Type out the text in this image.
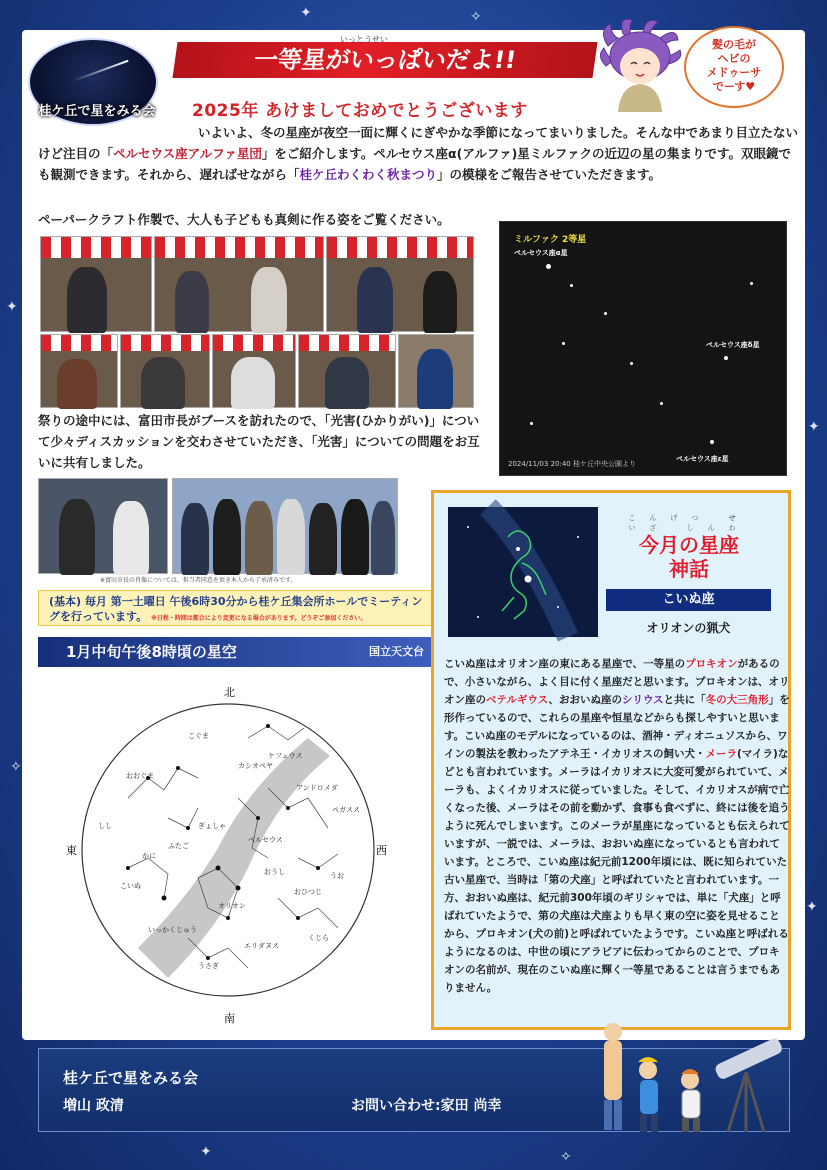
✦	✧
✦
✦
✧
✦
✦	✧
桂ケ丘で星をみる会
一等星がいっぱいだよ!!
いっとうせい	髪の毛が
ヘビの
メドゥーサ
でーす♥
2025年 あけましておめでとうございます
いよいよ、冬の星座が夜空一面に輝くにぎやかな季節になってまいりました。そんな中であまり目立たないけど注目の「ペルセウス座アルファ星団」をご紹介します。ペルセウス座α(アルファ)星ミルファクの近辺の星の集まりです。双眼鏡でも観測できます。それから、遅ればせながら「桂ケ丘わくわく秋まつり」の模様をご報告させていただきます。
ペーパークラフト作製で、大人も子どもも真剣に作る姿をご覧ください。
ミルファク 2等星
ペルセウス座α星
ペルセウス座δ星
ペルセウス座ε星
2024/11/03 20:40 桂ケ丘中央公園より
祭りの途中には、富田市長がブースを訪れたので、「光害(ひかりがい)」について少々ディスカッションを交わさせていただき、「光害」についての問題をお互いに共有しました。
※富田市長の肖像については、担当者同意を頂き本人から了承済みです。
(基本) 毎月 第一土曜日 午後6時30分から桂ケ丘集会所ホールでミーティングを行っています。 ※日程・時間は都合により変更になる場合があります。どうぞご参加ください。
1月中旬午後8時頃の星空	国立天文台
北
南
東	西
こいぬ
オリオン
ペルセウス
おうし
ぎょしゃ
カシオペヤ
ケフェウス
アンドロメダ
ペガスス
おおぐま
しし
かに
ふたご
うさぎ
くじら
おひつじ
エリダヌス
いっかくじゅう
うお
こぐま
こんげつ せいざ しんわ
今月の星座
神話
こいぬ座
オリオンの猟犬
こいぬ座はオリオン座の東にある星座で、一等星のプロキオンがあるので、小さいながら、よく目に付く星座だと思います。プロキオンは、オリオン座のベテルギウス、おおいぬ座のシリウスと共に「冬の大三角形」を形作っているので、これらの星座や恒星などからも探しやすいと思います。こいぬ座のモデルになっているのは、酒神・ディオニュソスから、ワインの製法を教わったアテネ王・イカリオスの飼い犬・メーラ(マイラ)などとも言われています。メーラはイカリオスに大変可愛がられていて、メーラも、よくイカリオスに従っていました。そして、イカリオスが病で亡くなった後、メーラはその前を動かず、食事も食べずに、終には後を追うように死んでしまいます。このメーラが星座になっているとも伝えられていますが、一説では、メーラは、おおいぬ座になっているとも言われています。ところで、こいぬ座は紀元前1200年頃には、既に知られていた古い星座で、当時は「第の犬座」と呼ばれていたと言われています。一方、おおいぬ座は、紀元前300年頃のギリシャでは、単に「犬座」と呼ばれていたようで、第の犬座は犬座よりも早く東の空に姿を見せることから、プロキオン(犬の前)と呼ばれていたようです。こいぬ座と呼ばれるようになるのは、中世の頃にアラビアに伝わってからのことで、プロキオンの名前が、現在のこいぬ座に輝く一等星であることは言うまでもありません。
桂ケ丘で星をみる会
増山 政清	お問い合わせ:家田 尚幸
